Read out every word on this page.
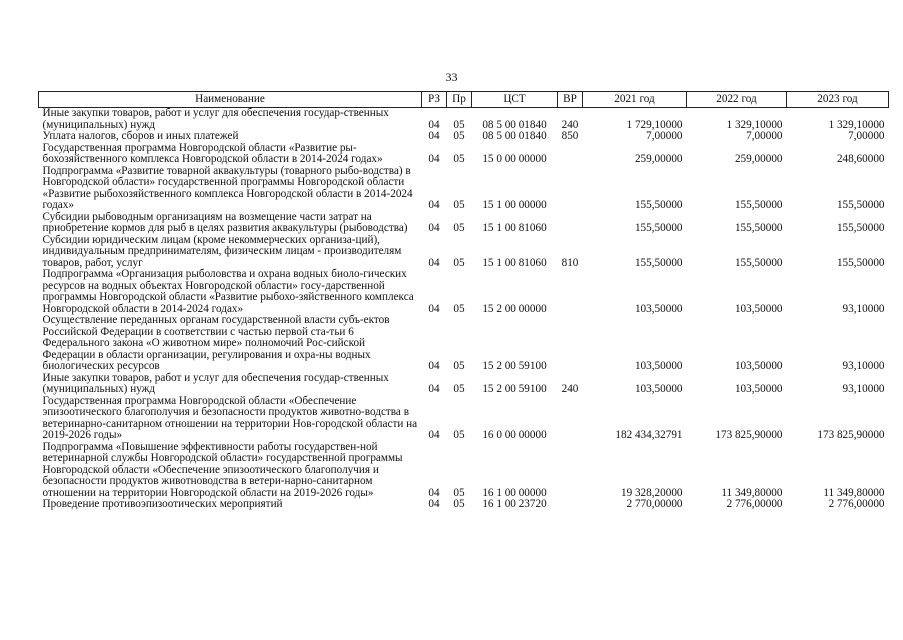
33
Наименование	РЗ	Пр	ЦСТ	ВР	2021 год	2022 год	2023 год
Иные закупки товаров, работ и услуг для обеспечения государ-ственных (муниципальных) нужд	04	05	08 5 00 01840	240	1 729,10000	1 329,10000	1 329,10000
Уплата налогов, сборов и иных платежей	04	05	08 5 00 01840	850	7,00000	7,00000	7,00000
Государственная программа Новгородской области «Развитие ры-бохозяйственного комплекса Новгородской области в 2014-2024 годах»	04	05	15 0 00 00000		259,00000	259,00000	248,60000
Подпрограмма «Развитие товарной аквакультуры (товарного рыбо-водства) в Новгородской области» государственной программы Новгородской области «Развитие рыбохозяйственного комплекса Новгородской области в 2014-2024 годах»	04	05	15 1 00 00000		155,50000	155,50000	155,50000
Субсидии рыбоводным организациям на возмещение части затрат на приобретение кормов для рыб в целях развития аквакультуры (рыбоводства)	04	05	15 1 00 81060		155,50000	155,50000	155,50000
Субсидии юридическим лицам (кроме некоммерческих организа-ций), индивидуальным предпринимателям, физическим лицам - производителям товаров, работ, услуг	04	05	15 1 00 81060	810	155,50000	155,50000	155,50000
Подпрограмма «Организация рыболовства и охрана водных биоло-гических ресурсов на водных объектах Новгородской области» госу-дарственной программы Новгородской области «Развитие рыбохо-зяйственного комплекса Новгородской области в 2014-2024 годах»	04	05	15 2 00 00000		103,50000	103,50000	93,10000
Осуществление переданных органам государственной власти субъ-ектов Российской Федерации в соответствии с частью первой ста-тьи 6 Федерального закона «О животном мире» полномочий Рос-сийской Федерации в области организации, регулирования и охра-ны водных биологических ресурсов	04	05	15 2 00 59100		103,50000	103,50000	93,10000
Иные закупки товаров, работ и услуг для обеспечения государ-ственных (муниципальных) нужд	04	05	15 2 00 59100	240	103,50000	103,50000	93,10000
Государственная программа Новгородской области «Обеспечение эпизоотического благополучия и безопасности продуктов животно-водства в ветеринарно-санитарном отношении на территории Нов-городской области на 2019-2026 годы»	04	05	16 0 00 00000		182 434,32791	173 825,90000	173 825,90000
Подпрограмма «Повышение эффективности работы государствен-ной ветеринарной службы Новгородской области» государственной программы Новгородской области «Обеспечение эпизоотического благополучия и безопасности продуктов животноводства в ветери-нарно-санитарном отношении на территории Новгородской области на 2019-2026 годы»	04	05	16 1 00 00000		19 328,20000	11 349,80000	11 349,80000
Проведение противоэпизоотических мероприятий	04	05	16 1 00 23720		2 770,00000	2 776,00000	2 776,00000
